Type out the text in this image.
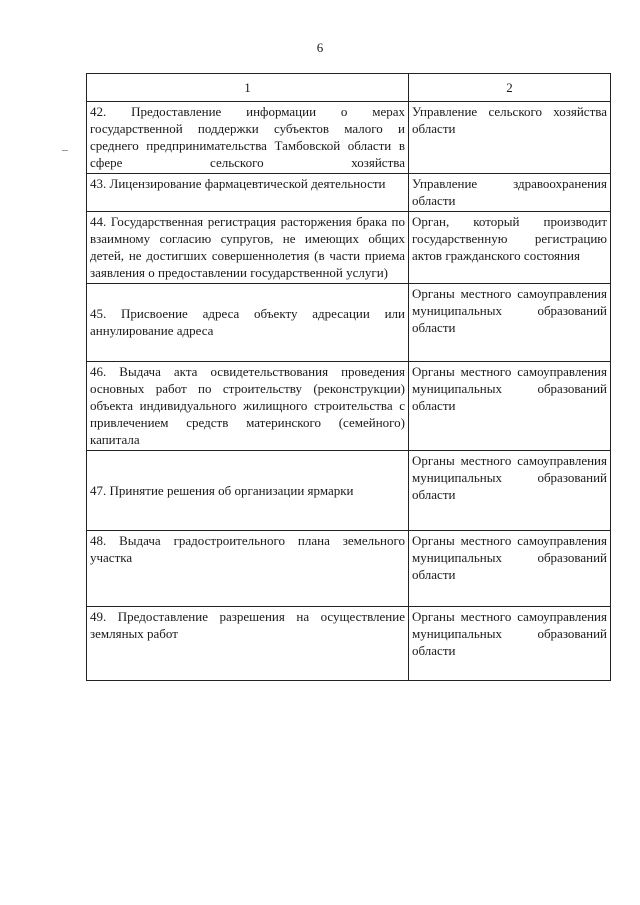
6
1	2
42. Предоставление информации о мерах государственной поддержки субъектов малого и среднего предпринимательства Тамбовской области в сфере сельского хозяйства	Управление сельского хозяйства области
43. Лицензирование фармацевтической деятельности	Управление здравоохранения области
44. Государственная регистрация расторжения брака по взаимному согласию супругов, не имеющих общих детей, не достигших совершеннолетия (в части приема заявления о предоставлении государственной услуги)	Орган, который производит государственную регистрацию актов гражданского состояния
45. Присвоение адреса объекту адресации или аннулирование адреса	Органы местного самоуправления муниципальных образований области
46. Выдача акта освидетельствования проведения основных работ по строительству (реконструкции) объекта индивидуального жилищного строительства с привлечением средств материнского (семейного) капитала	Органы местного самоуправления муниципальных образований области
47. Принятие решения об организации ярмарки	Органы местного самоуправления муниципальных образований области
48. Выдача градостроительного плана земельного участка	Органы местного самоуправления муниципальных образований области
49. Предоставление разрешения на осуществление земляных работ	Органы местного самоуправления муниципальных образований области
